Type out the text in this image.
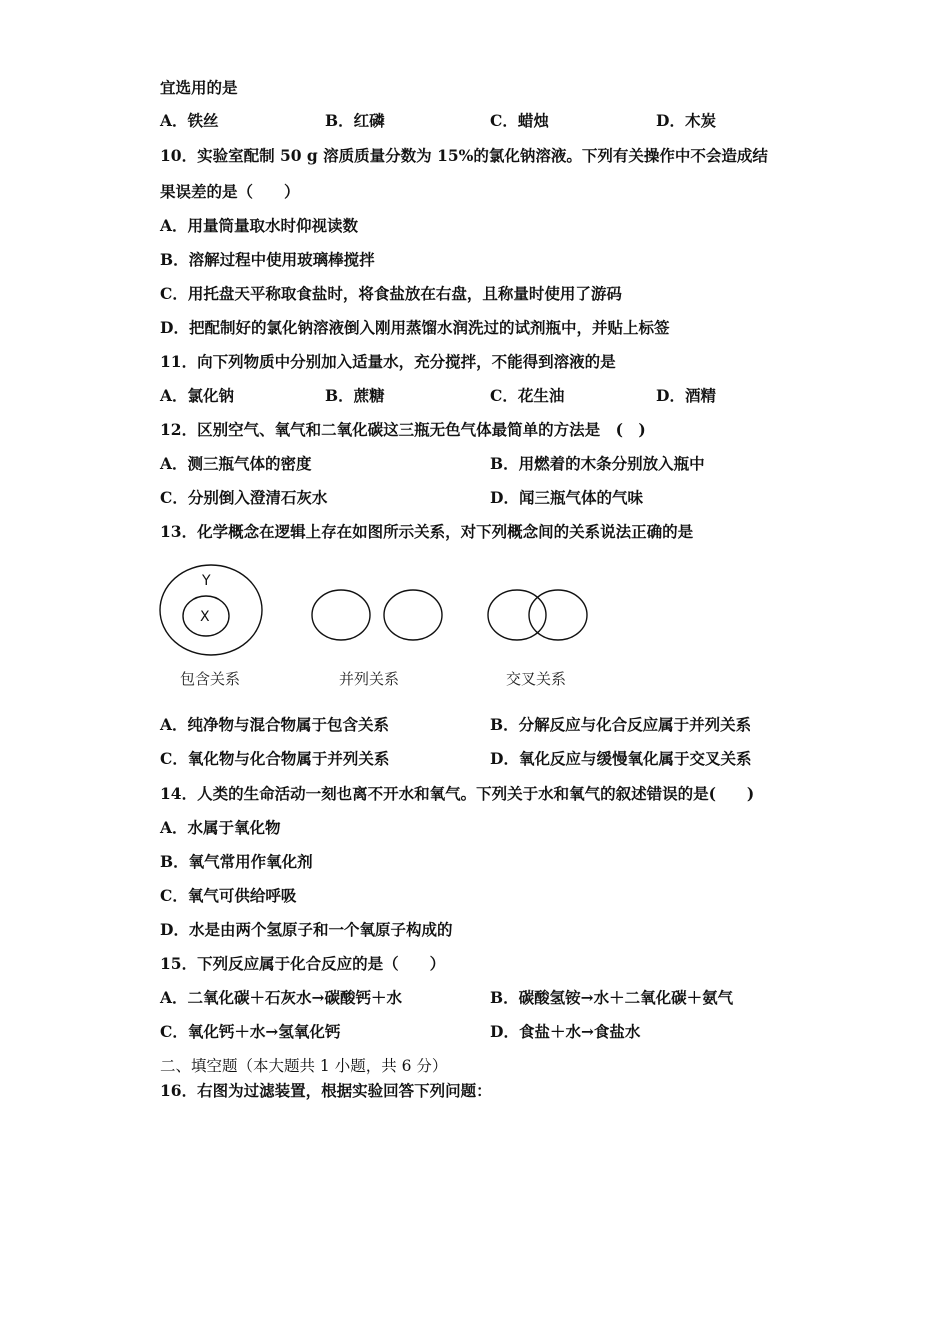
宜选用的是
A．铁丝	B．红磷	C．蜡烛	D．木炭
10．实验室配制 50 g 溶质质量分数为 15%的氯化钠溶液。下列有关操作中不会造成结
果误差的是（　　）
A．用量筒量取水时仰视读数
B．溶解过程中使用玻璃棒搅拌
C．用托盘天平称取食盐时，将食盐放在右盘，且称量时使用了游码
D．把配制好的氯化钠溶液倒入刚用蒸馏水润洗过的试剂瓶中，并贴上标签
11．向下列物质中分别加入适量水，充分搅拌，不能得到溶液的是
A．氯化钠	B．蔗糖	C．花生油	D．酒精
12．区别空气、氧气和二氧化碳这三瓶无色气体最简单的方法是　(　)
A．测三瓶气体的密度	B．用燃着的木条分别放入瓶中
C．分别倒入澄清石灰水	D．闻三瓶气体的气味
13．化学概念在逻辑上存在如图所示关系，对下列概念间的关系说法正确的是
Y
X
包含关系	并列关系	交叉关系
A．纯净物与混合物属于包含关系	B．分解反应与化合反应属于并列关系
C．氧化物与化合物属于并列关系	D．氧化反应与缓慢氧化属于交叉关系
14．人类的生命活动一刻也离不开水和氧气。下列关于水和氧气的叙述错误的是(　　)
A．水属于氧化物
B．氧气常用作氧化剂
C．氧气可供给呼吸
D．水是由两个氢原子和一个氧原子构成的
15．下列反应属于化合反应的是（　　）
A．二氧化碳＋石灰水→碳酸钙＋水	B．碳酸氢铵→水＋二氧化碳＋氨气
C．氧化钙＋水→氢氧化钙	D．食盐＋水→食盐水
二、填空题（本大题共 1 小题，共 6 分）
16．右图为过滤装置，根据实验回答下列问题：
